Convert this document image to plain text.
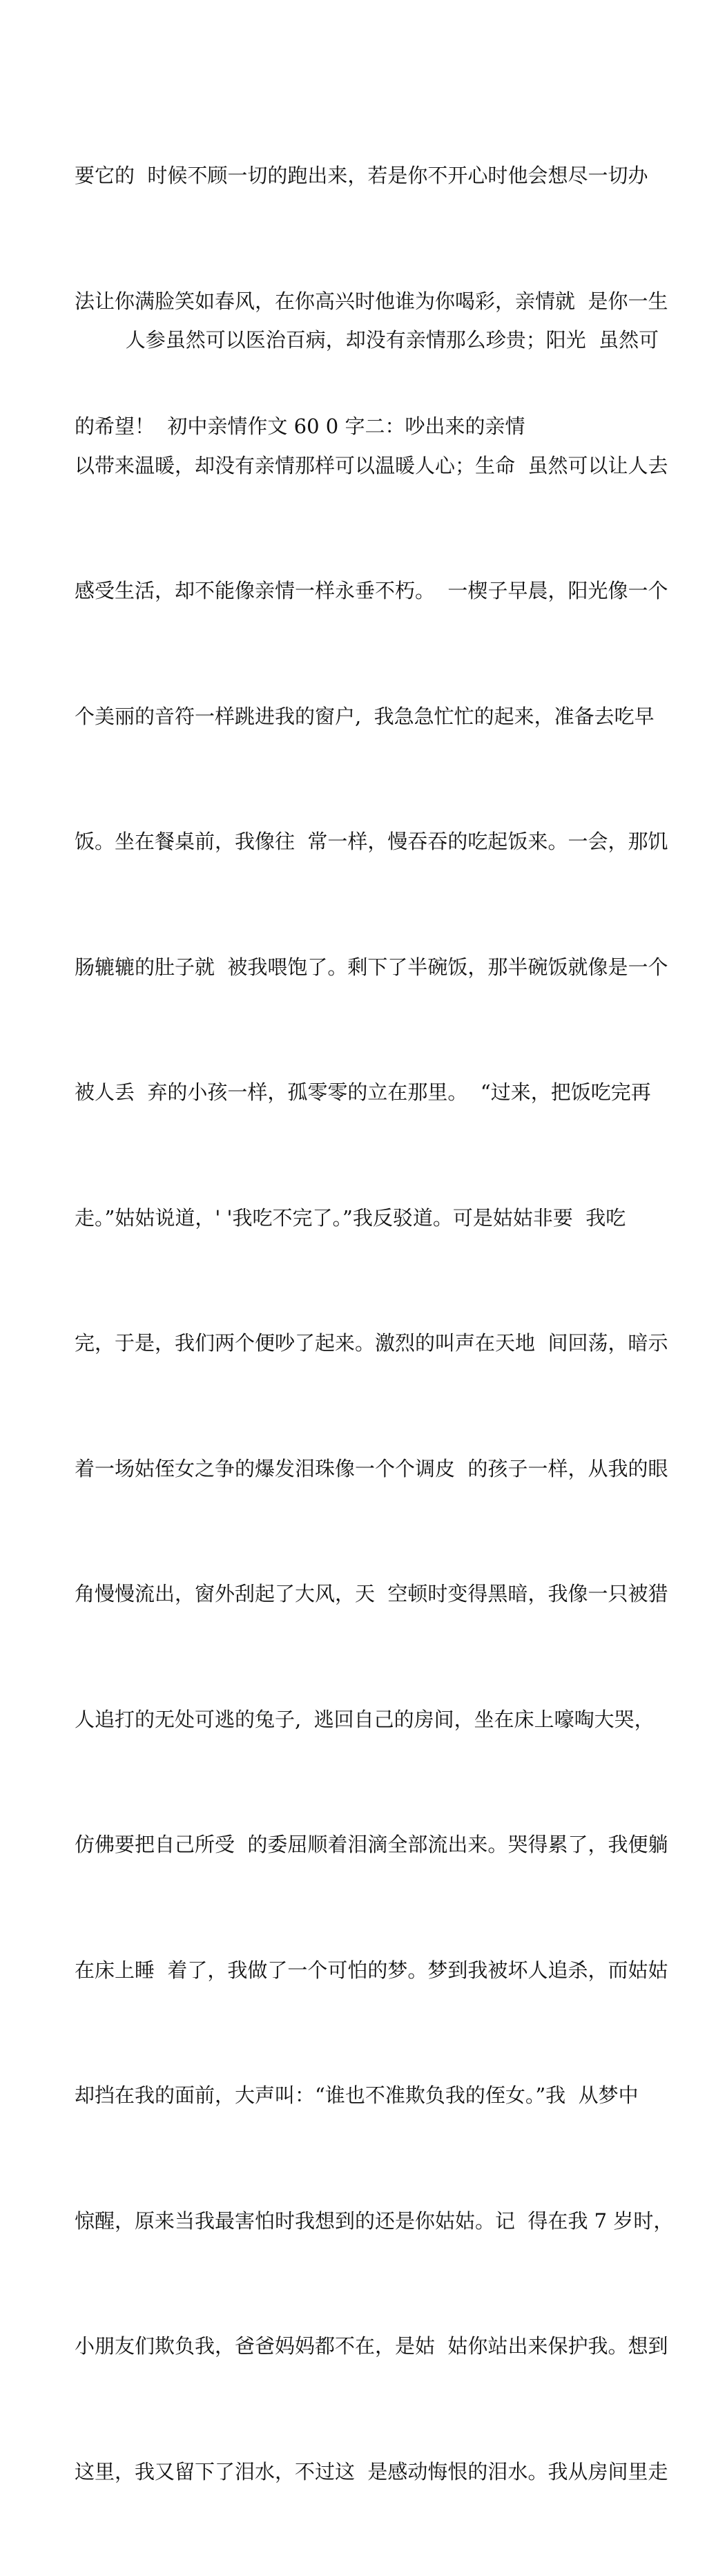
要它的  时候不顾一切的跑出来，若是你不开心时他会想尽一切办

法让你满脸笑如春风，在你高兴时他谁为你喝彩，亲情就  是你一生

的希望！  初中亲情作文 60 0 字二：吵出来的亲情

人参虽然可以医治百病，却没有亲情那么珍贵；阳光  虽然可

以带来温暖，却没有亲情那样可以温暖人心；生命  虽然可以让人去

感受生活，却不能像亲情一样永垂不朽。  一楔子早晨，阳光像一个

个美丽的音符一样跳进我的窗户,  我急急忙忙的起来，准备去吃早

饭。坐在餐桌前，我像往  常一样，慢吞吞的吃起饭来。一会，那饥

肠辘辘的肚子就  被我喂饱了。剩下了半碗饭，那半碗饭就像是一个

被人丢  弃的小孩一样，孤零零的立在那里。  “过来，把饭吃完再

走。”姑姑说道，' '我吃不完了。”我反驳道。可是姑姑非要  我吃

完，于是，我们两个便吵了起来。激烈的叫声在天地  间回荡，暗示

着一场姑侄女之争的爆发泪珠像一个个调皮  的孩子一样，从我的眼

角慢慢流出，窗外刮起了大风，天  空顿时变得黑暗，我像一只被猎

人追打的无处可逃的兔子,  逃回自己的房间，坐在床上嚎啕大哭，

仿佛要把自己所受  的委屈顺着泪滴全部流出来。哭得累了，我便躺

在床上睡  着了，我做了一个可怕的梦。梦到我被坏人追杀，而姑姑

却挡在我的面前，大声叫：“谁也不准欺负我的侄女。”我  从梦中

惊醒，原来当我最害怕时我想到的还是你姑姑。记  得在我 7 岁时，

小朋友们欺负我，爸爸妈妈都不在，是姑  姑你站出来保护我。想到

这里，我又留下了泪水，不过这  是感动悔恨的泪水。我从房间里走
